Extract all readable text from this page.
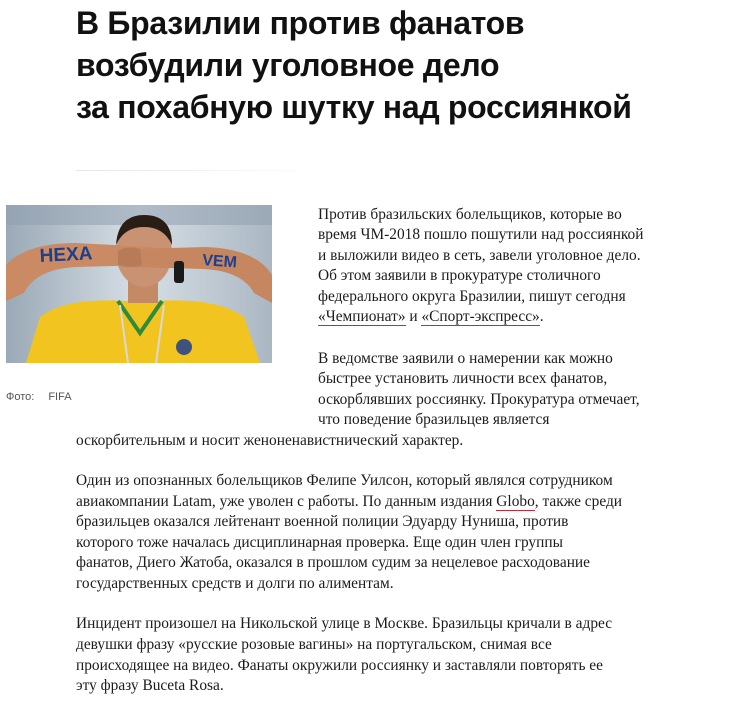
В Бразилии против фанатов
возбудили уголовное дело
за похабную шутку над россиянкой
HEXA	VEM
Фото: FIFA
Против бразильских болельщиков, которые во
время ЧМ-2018 пошло пошутили над россиянкой
и выложили видео в сеть, завели уголовное дело.
Об этом заявили в прокуратуре столичного
федерального округа Бразилии, пишут сегодня
«Чемпионат» и «Спорт-экспресс».
В ведомстве заявили о намерении как можно
быстрее установить личности всех фанатов,
оскорблявших россиянку. Прокуратура отмечает,
что поведение бразильцев является
оскорбительным и носит женоненавистнический характер.
Один из опознанных болельщиков Фелипе Уилсон, который являлся сотрудником
авиакомпании Latam, уже уволен с работы. По данным издания Globo, также среди
бразильцев оказался лейтенант военной полиции Эдуарду Нуниша, против
которого тоже началась дисциплинарная проверка. Еще один член группы
фанатов, Диего Жатоба, оказался в прошлом судим за нецелевое расходование
государственных средств и долги по алиментам.
Инцидент произошел на Никольской улице в Москве. Бразильцы кричали в адрес
девушки фразу «русские розовые вагины» на португальском, снимая все
происходящее на видео. Фанаты окружили россиянку и заставляли повторять ее
эту фразу Buceta Rosa.
